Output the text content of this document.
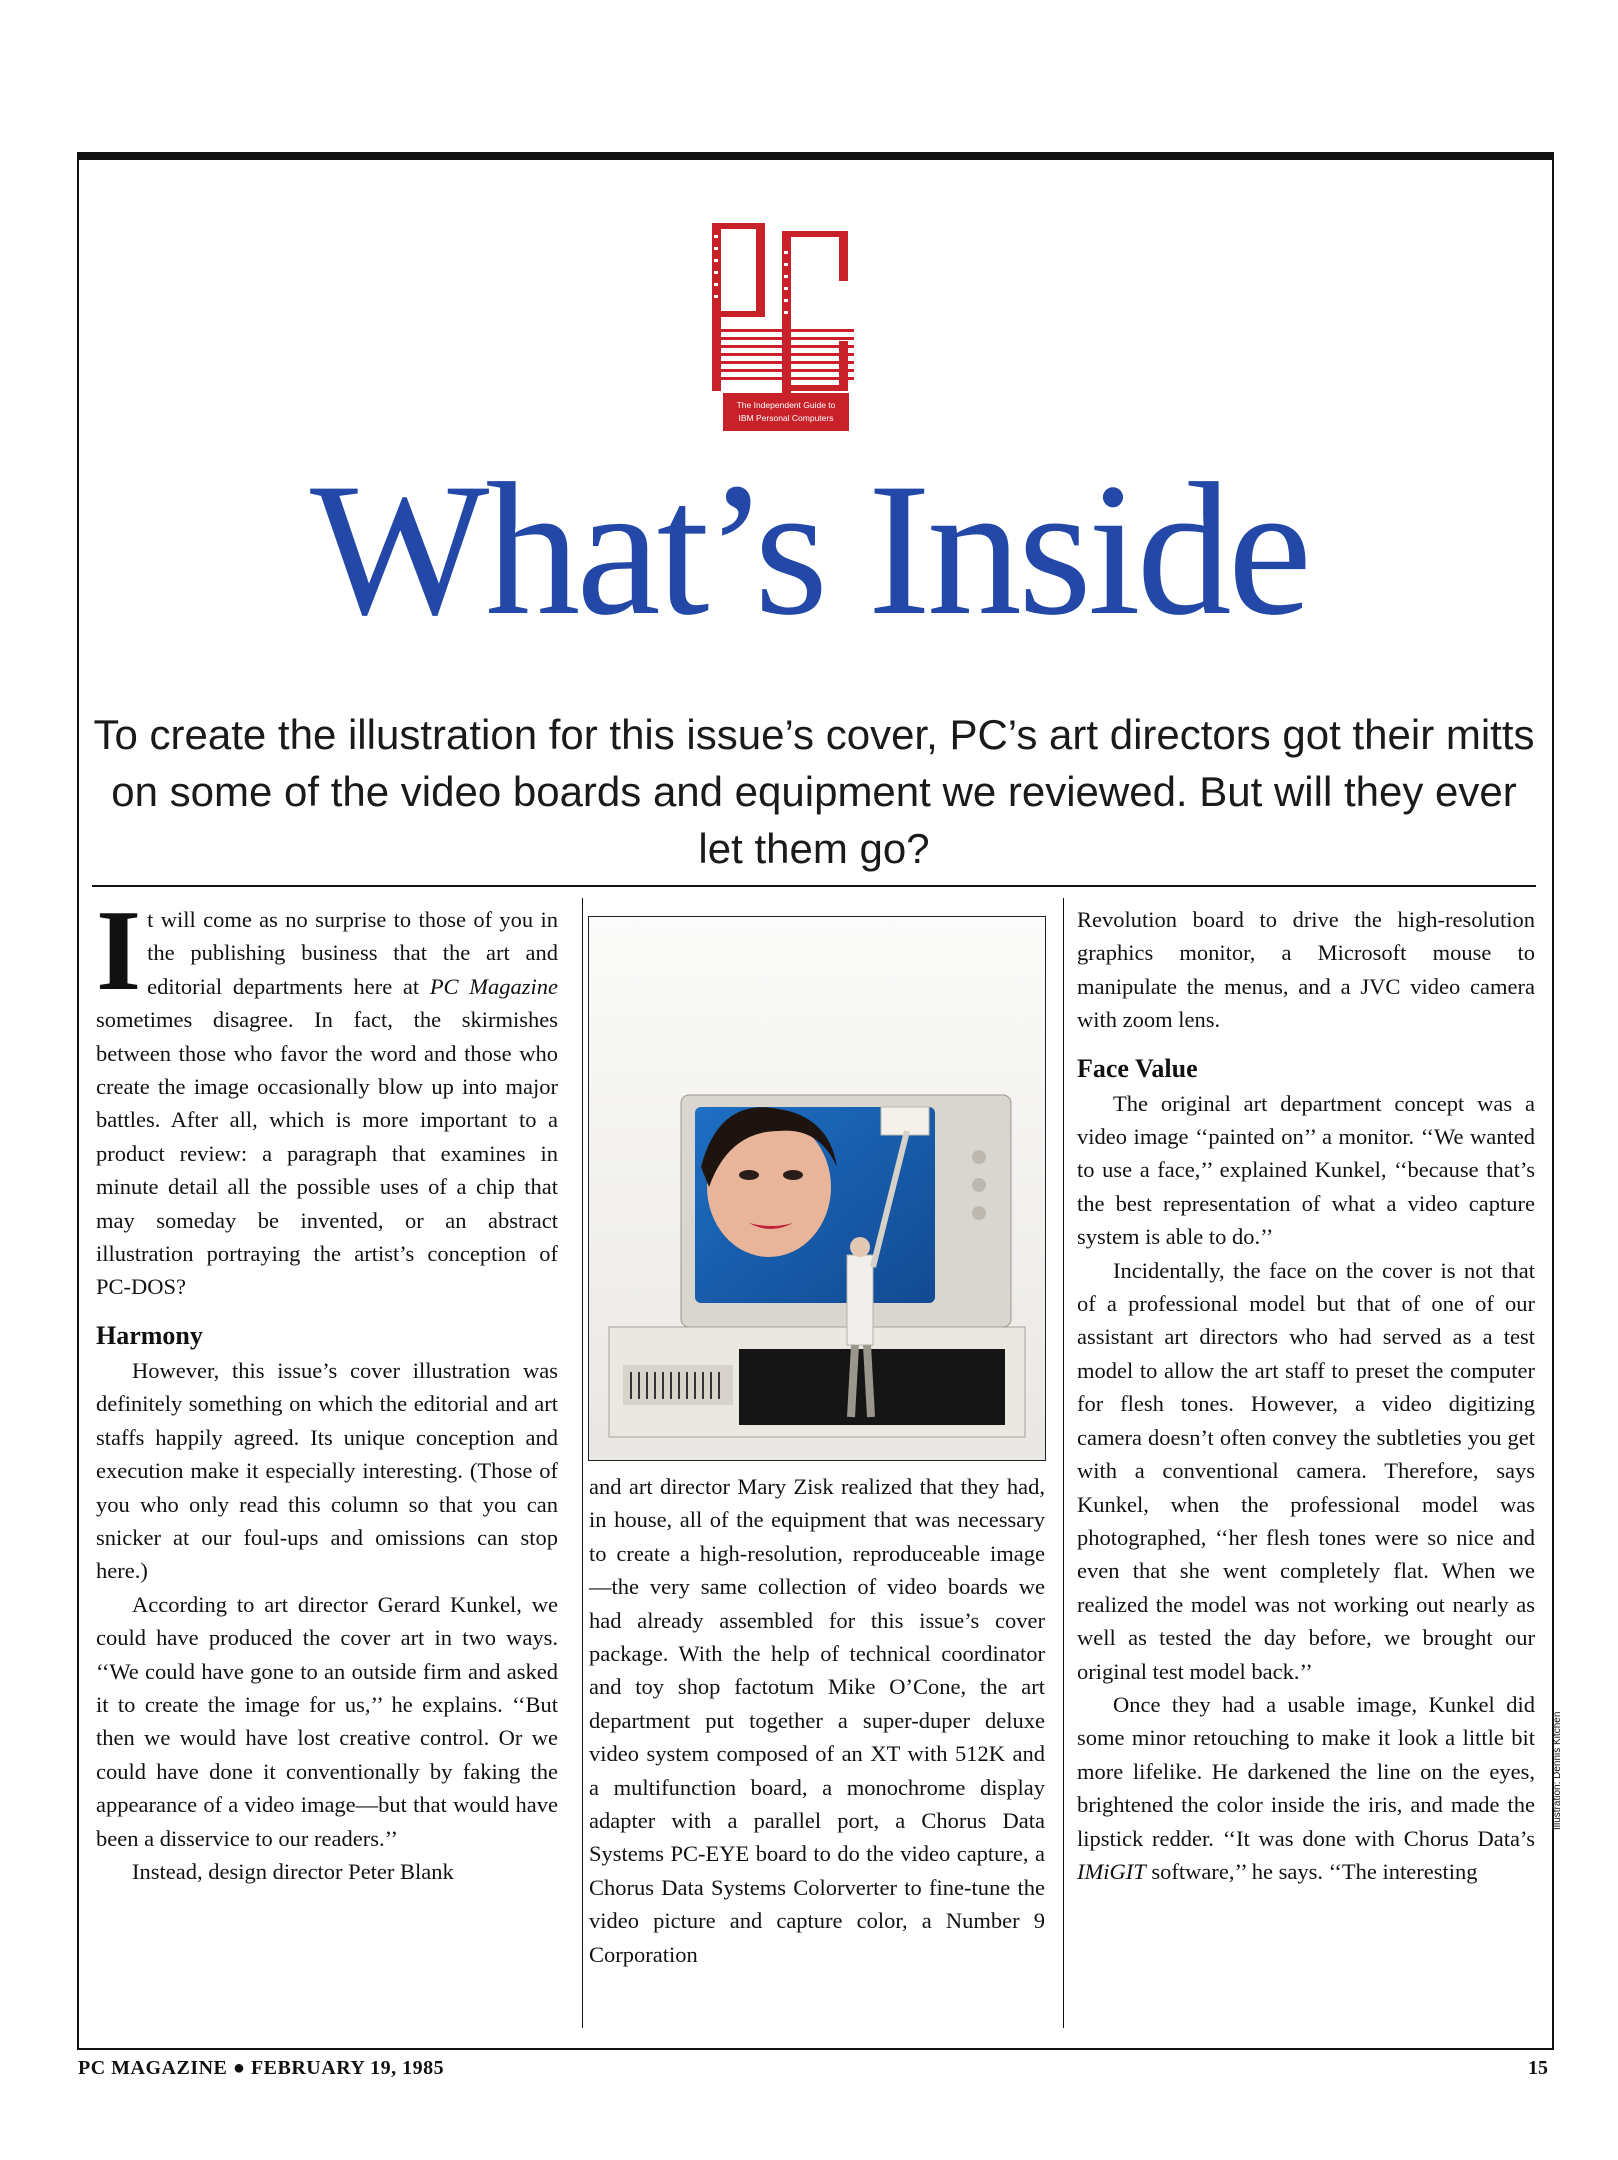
The Independent Guide to
IBM Personal Computers
What’s Inside
To create the illustration for this issue’s cover, PC’s art directors got their mitts on some of the video boards and equipment we reviewed. But will they ever let them go?

It will come as no surprise to those of you in the publishing business that the art and editorial departments here at PC Magazine sometimes disagree. In fact, the skirmishes between those who favor the word and those who create the image occasionally blow up into major battles. After all, which is more important to a product review: a paragraph that examines in minute detail all the possible uses of a chip that may someday be invented, or an abstract illustration portraying the artist’s conception of PC-DOS?

Harmony

However, this issue’s cover illustration was definitely something on which the editorial and art staffs happily agreed. Its unique conception and execution make it especially interesting. (Those of you who only read this column so that you can snicker at our foul-ups and omissions can stop here.)

According to art director Gerard Kunkel, we could have produced the cover art in two ways. ‘‘We could have gone to an outside firm and asked it to create the image for us,’’ he explains. ‘‘But then we would have lost creative control. Or we could have done it conventionally by faking the appearance of a video image—but that would have been a disservice to our readers.’’

Instead, design director Peter Blank

and art director Mary Zisk realized that they had, in house, all of the equipment that was necessary to create a high-resolution, reproduceable image—the very same collection of video boards we had already assembled for this issue’s cover package. With the help of technical coordinator and toy shop factotum Mike O’Cone, the art department put together a super-duper deluxe video system composed of an XT with 512K and a multifunction board, a monochrome display adapter with a parallel port, a Chorus Data Systems PC-EYE board to do the video capture, a Chorus Data Systems Colorverter to fine-tune the video picture and capture color, a Number 9 Corporation

Revolution board to drive the high-resolution graphics monitor, a Microsoft mouse to manipulate the menus, and a JVC video camera with zoom lens.

Face Value

The original art department concept was a video image ‘‘painted on’’ a monitor. ‘‘We wanted to use a face,’’ explained Kunkel, ‘‘because that’s the best representation of what a video capture system is able to do.’’

Incidentally, the face on the cover is not that of a professional model but that of one of our assistant art directors who had served as a test model to allow the art staff to preset the computer for flesh tones. However, a video digitizing camera doesn’t often convey the subtleties you get with a conventional camera. Therefore, says Kunkel, when the professional model was photographed, ‘‘her flesh tones were so nice and even that she went completely flat. When we realized the model was not working out nearly as well as tested the day before, we brought our original test model back.’’

Once they had a usable image, Kunkel did some minor retouching to make it look a little bit more lifelike. He darkened the line on the eyes, brightened the color inside the iris, and made the lipstick redder. ‘‘It was done with Chorus Data’s IMiGIT software,’’ he says. ‘‘The interesting

Illustration: Dennis Kitchen
PC MAGAZINE ● FEBRUARY 19, 1985	15
